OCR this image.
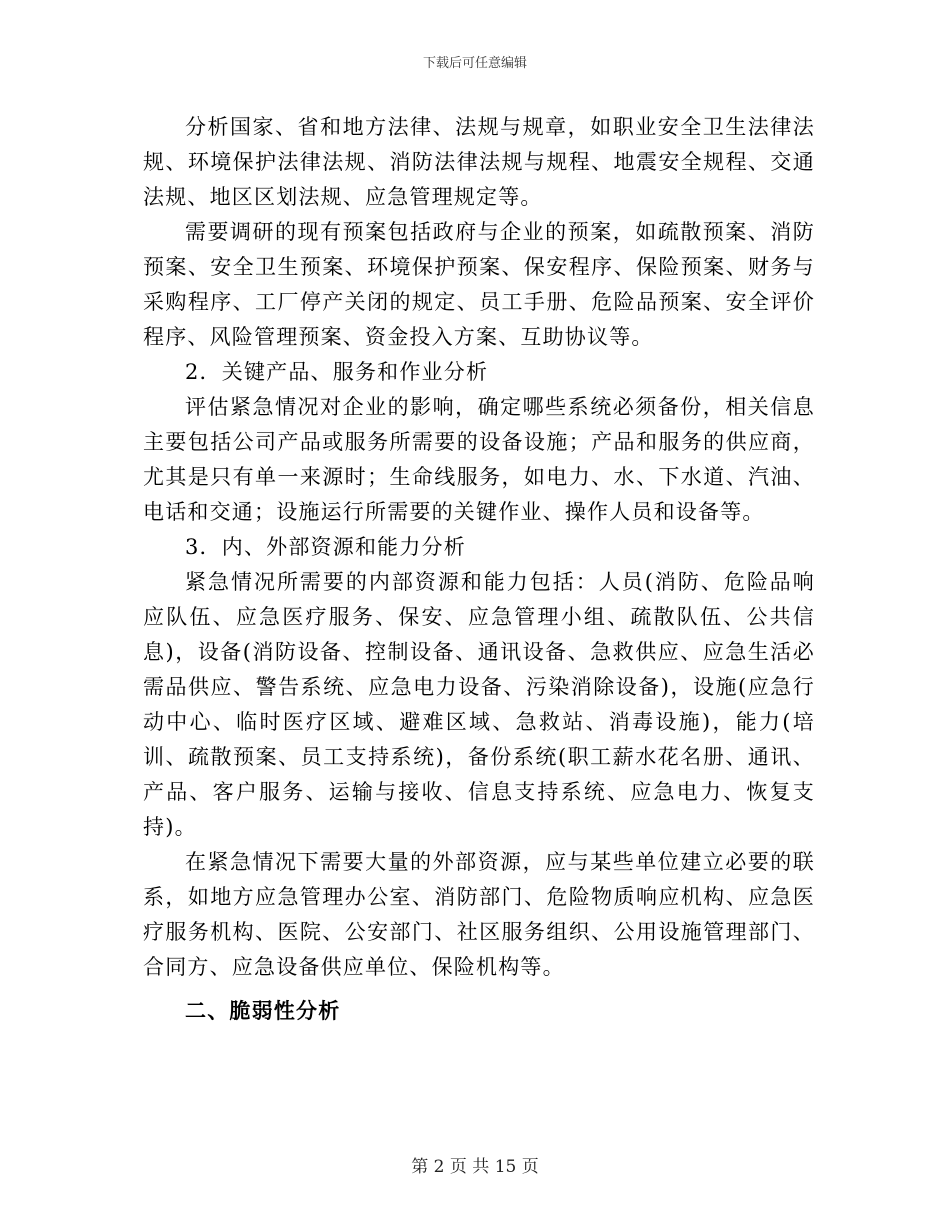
下载后可任意编辑

分析国家、省和地方法律、法规与规章，如职业安全卫生法律法规、环境保护法律法规、消防法律法规与规程、地震安全规程、交通法规、地区区划法规、应急管理规定等。

需要调研的现有预案包括政府与企业的预案，如疏散预案、消防预案、安全卫生预案、环境保护预案、保安程序、保险预案、财务与采购程序、工厂停产关闭的规定、员工手册、危险品预案、安全评价程序、风险管理预案、资金投入方案、互助协议等。

2．关键产品、服务和作业分析

评估紧急情况对企业的影响，确定哪些系统必须备份，相关信息主要包括公司产品或服务所需要的设备设施；产品和服务的供应商，尤其是只有单一来源时；生命线服务，如电力、水、下水道、汽油、电话和交通；设施运行所需要的关键作业、操作人员和设备等。

3．内、外部资源和能力分析

紧急情况所需要的内部资源和能力包括：人员(消防、危险品响应队伍、应急医疗服务、保安、应急管理小组、疏散队伍、公共信息)，设备(消防设备、控制设备、通讯设备、急救供应、应急生活必需品供应、警告系统、应急电力设备、污染消除设备)，设施(应急行动中心、临时医疗区域、避难区域、急救站、消毒设施)，能力(培训、疏散预案、员工支持系统)，备份系统(职工薪水花名册、通讯、产品、客户服务、运输与接收、信息支持系统、应急电力、恢复支持)。

在紧急情况下需要大量的外部资源，应与某些单位建立必要的联系，如地方应急管理办公室、消防部门、危险物质响应机构、应急医疗服务机构、医院、公安部门、社区服务组织、公用设施管理部门、合同方、应急设备供应单位、保险机构等。

二、脆弱性分析

第 2 页 共 15 页
